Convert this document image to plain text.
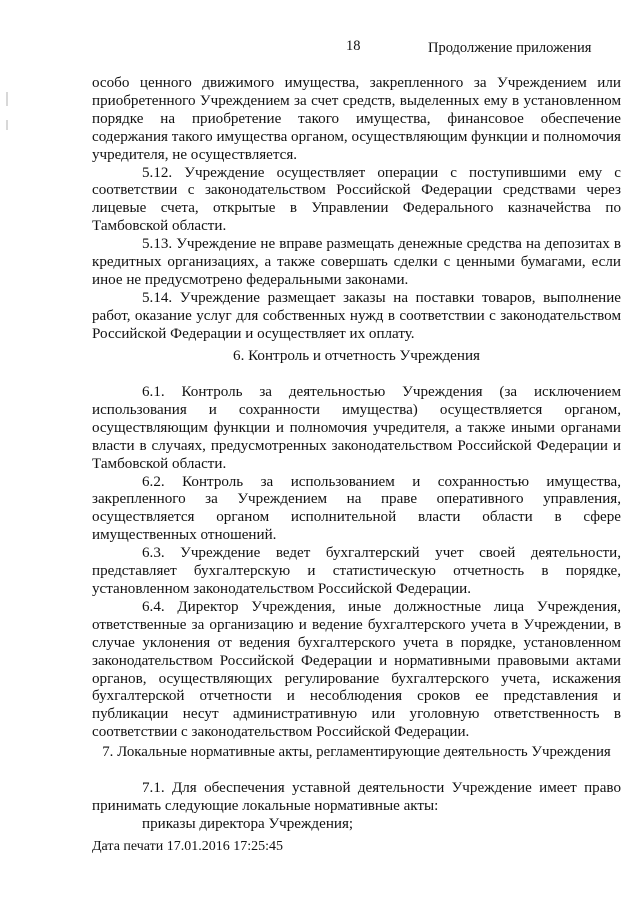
18	Продолжение приложения

особо ценного движимого имущества, закрепленного за Учреждением или приобретенного Учреждением за счет средств, выделенных ему в установленном порядке на приобретение такого имущества, финансовое обеспечение содержания такого имущества органом, осуществляющим функции и полномочия учредителя, не осуществляется.

5.12. Учреждение осуществляет операции с поступившими ему с соответствии с законодательством Российской Федерации средствами через лицевые счета, открытые в Управлении Федерального казначейства по Тамбовской области.

5.13. Учреждение не вправе размещать денежные средства на депозитах в кредитных организациях, а также совершать сделки с ценными бумагами, если иное не предусмотрено федеральными законами.

5.14. Учреждение размещает заказы на поставки товаров, выполнение работ, оказание услуг для собственных нужд в соответствии с законодательством Российской Федерации и осуществляет их оплату.

6. Контроль и отчетность Учреждения

6.1. Контроль за деятельностью Учреждения (за исключением использования и сохранности имущества) осуществляется органом, осуществляющим функции и полномочия учредителя, а также иными органами власти в случаях, предусмотренных законодательством Российской Федерации и Тамбовской области.

6.2. Контроль за использованием и сохранностью имущества, закрепленного за Учреждением на праве оперативного управления, осуществляется органом исполнительной власти области в сфере имущественных отношений.

6.3. Учреждение ведет бухгалтерский учет своей деятельности, представляет бухгалтерскую и статистическую отчетность в порядке, установленном законодательством Российской Федерации.

6.4. Директор Учреждения, иные должностные лица Учреждения, ответственные за организацию и ведение бухгалтерского учета в Учреждении, в случае уклонения от ведения бухгалтерского учета в порядке, установленном законодательством Российской Федерации и нормативными правовыми актами органов, осуществляющих регулирование бухгалтерского учета, искажения бухгалтерской отчетности и несоблюдения сроков ее представления и публикации несут административную или уголовную ответственность в соответствии с законодательством Российской Федерации.

7. Локальные нормативные акты, регламентирующие деятельность Учреждения

7.1. Для обеспечения уставной деятельности Учреждение имеет право принимать следующие локальные нормативные акты:

приказы директора Учреждения;

Дата печати 17.01.2016 17:25:45
